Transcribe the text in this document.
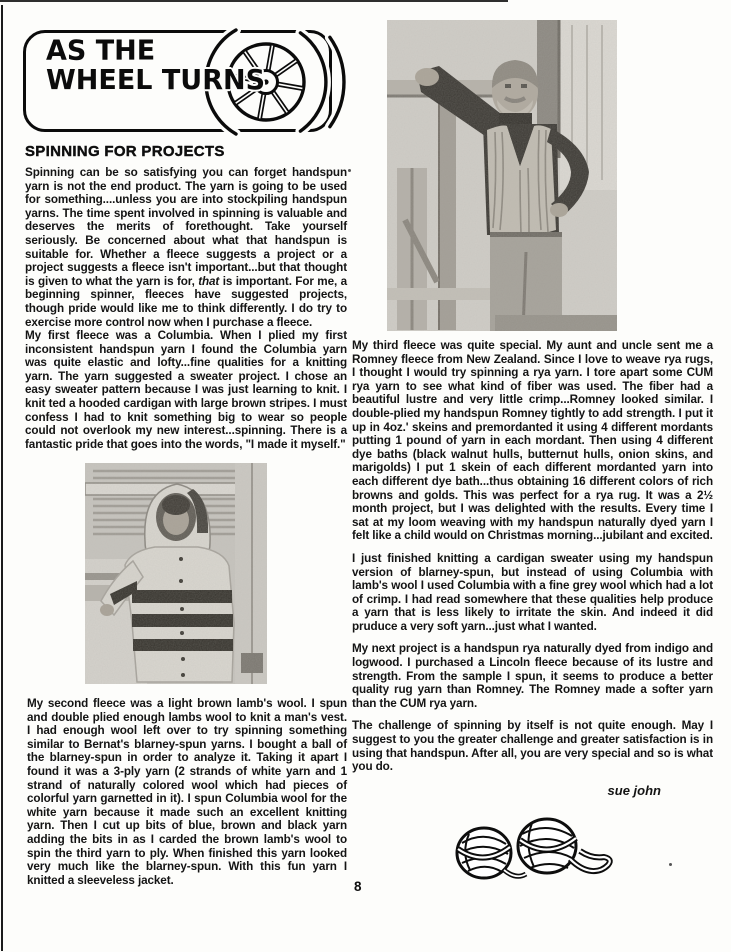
AS THE
WHEEL TURNS
SPINNING FOR PROJECTS

Spinning can be so satisfying you can forget handspun yarn is not the end product. The yarn is going to be used for something....unless you are into stockpiling handspun yarns. The time spent involved in spinning is valuable and deserves the merits of forethought. Take yourself seriously. Be concerned about what that handspun is suitable for. Whether a fleece suggests a project or a project suggests a fleece isn't important...but that thought is given to what the yarn is for, that is important. For me, a beginning spinner, fleeces have suggested projects, though pride would like me to think differently. I do try to exercise more control now when I purchase a fleece.

My first fleece was a Columbia. When I plied my first inconsistent handspun yarn I found the Columbia yarn was quite elastic and lofty...fine qualities for a knitting yarn. The yarn suggested a sweater project. I chose an easy sweater pattern because I was just learning to knit. I knit ted a hooded cardigan with large brown stripes. I must confess I had to knit something big to wear so people could not overlook my new interest...spinning. There is a fantastic pride that goes into the words, "I made it myself."

My second fleece was a light brown lamb's wool. I spun and double plied enough lambs wool to knit a man's vest. I had enough wool left over to try spinning something similar to Bernat's blarney-spun yarns. I bought a ball of the blarney-spun in order to analyze it. Taking it apart I found it was a 3-ply yarn (2 strands of white yarn and 1 strand of naturally colored wool which had pieces of colorful yarn garnetted in it). I spun Columbia wool for the white yarn because it made such an excellent knitting yarn. Then I cut up bits of blue, brown and black yarn adding the bits in as I carded the brown lamb's wool to spin the third yarn to ply. When finished this yarn looked very much like the blarney-spun. With this fun yarn I knitted a sleeveless jacket.

My third fleece was quite special. My aunt and uncle sent me a Romney fleece from New Zealand. Since I love to weave rya rugs, I thought I would try spinning a rya yarn. I tore apart some CUM rya yarn to see what kind of fiber was used. The fiber had a beautiful lustre and very little crimp...Romney looked similar. I double-plied my handspun Romney tightly to add strength. I put it up in 4oz.' skeins and premordanted it using 4 different mordants putting 1 pound of yarn in each mordant. Then using 4 different dye baths (black walnut hulls, butternut hulls, onion skins, and marigolds) I put 1 skein of each different mordanted yarn into each different dye bath...thus obtaining 16 different colors of rich browns and golds. This was perfect for a rya rug. It was a 2½ month project, but I was delighted with the results. Every time I sat at my loom weaving with my handspun naturally dyed yarn I felt like a child would on Christmas morning...jubilant and excited.

I just finished knitting a cardigan sweater using my handspun version of blarney-spun, but instead of using Columbia with lamb's wool I used Columbia with a fine grey wool which had a lot of crimp. I had read somewhere that these qualities help produce a yarn that is less likely to irritate the skin. And indeed it did pruduce a very soft yarn...just what I wanted.

My next project is a handspun rya naturally dyed from indigo and logwood. I purchased a Lincoln fleece because of its lustre and strength. From the sample I spun, it seems to produce a better quality rug yarn than Romney. The Romney made a softer yarn than the CUM rya yarn.

The challenge of spinning by itself is not quite enough. May I suggest to you the greater challenge and greater satisfaction is in using that handspun. After all, you are very special and so is what you do.

sue john
8
